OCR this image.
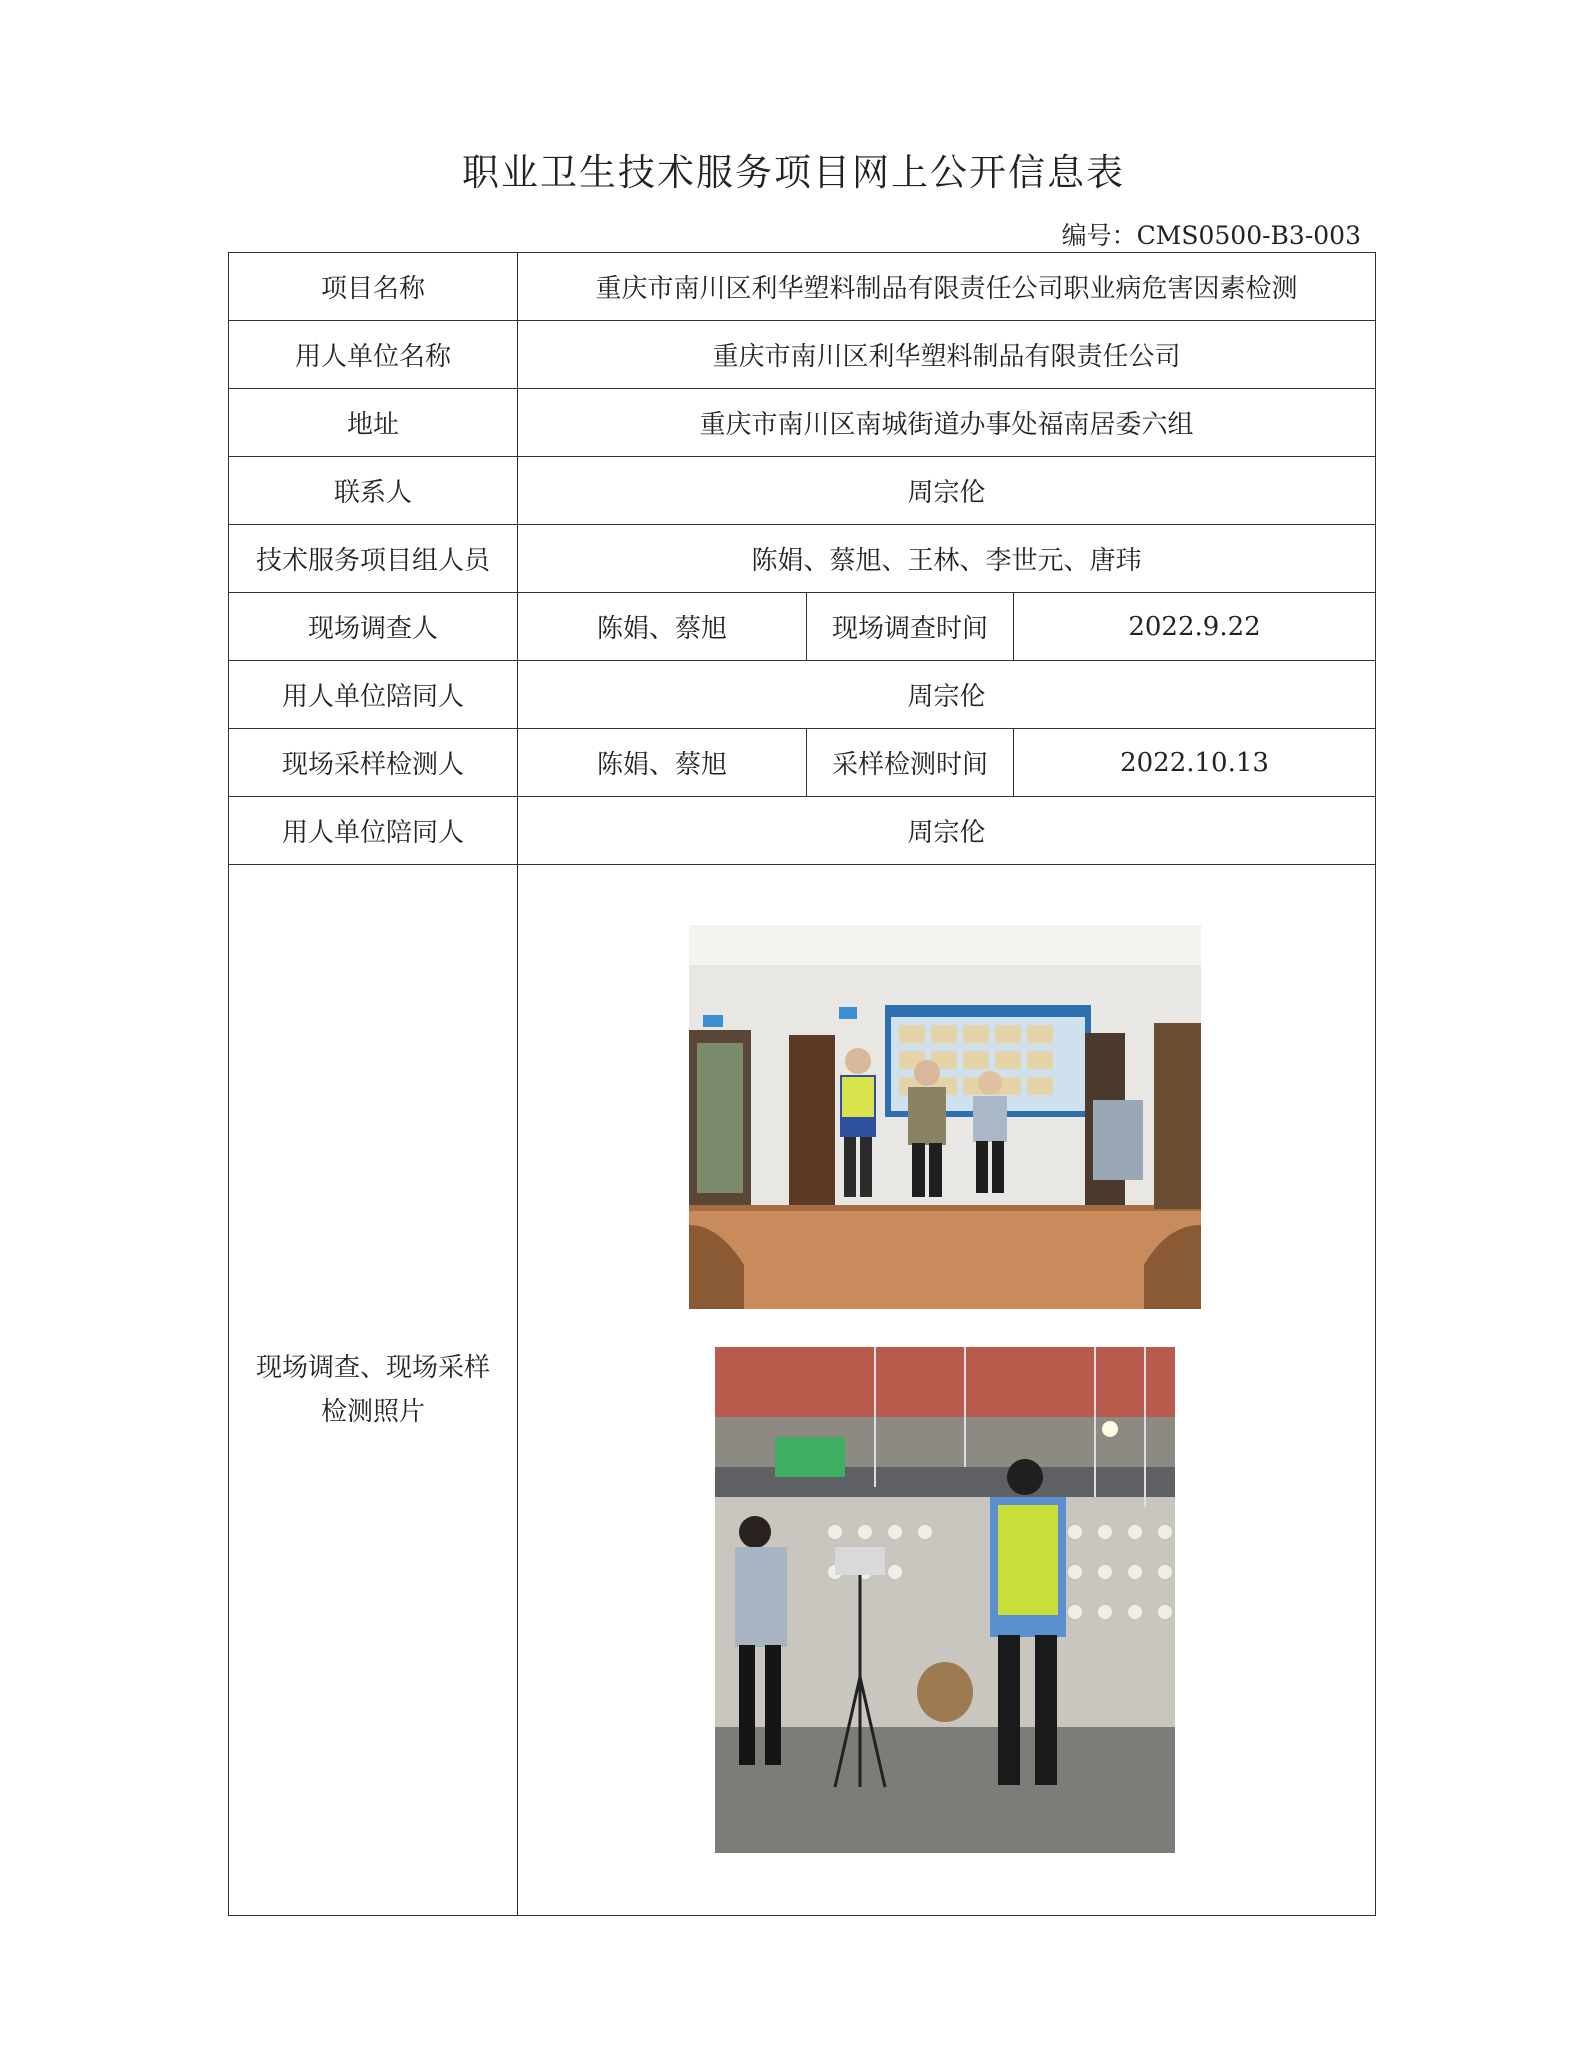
职业卫生技术服务项目网上公开信息表
编号：CMS0500-B3-003
项目名称	重庆市南川区利华塑料制品有限责任公司职业病危害因素检测		
用人单位名称	重庆市南川区利华塑料制品有限责任公司		
地址	重庆市南川区南城街道办事处福南居委六组		
联系人	周宗伦		
技术服务项目组人员	陈娟、蔡旭、王林、李世元、唐玮		
现场调查人	陈娟、蔡旭	现场调查时间	2022.9.22
用人单位陪同人	周宗伦		
现场采样检测人	陈娟、蔡旭	采样检测时间	2022.10.13
用人单位陪同人	周宗伦		

现场调查、现场采样
检测照片
